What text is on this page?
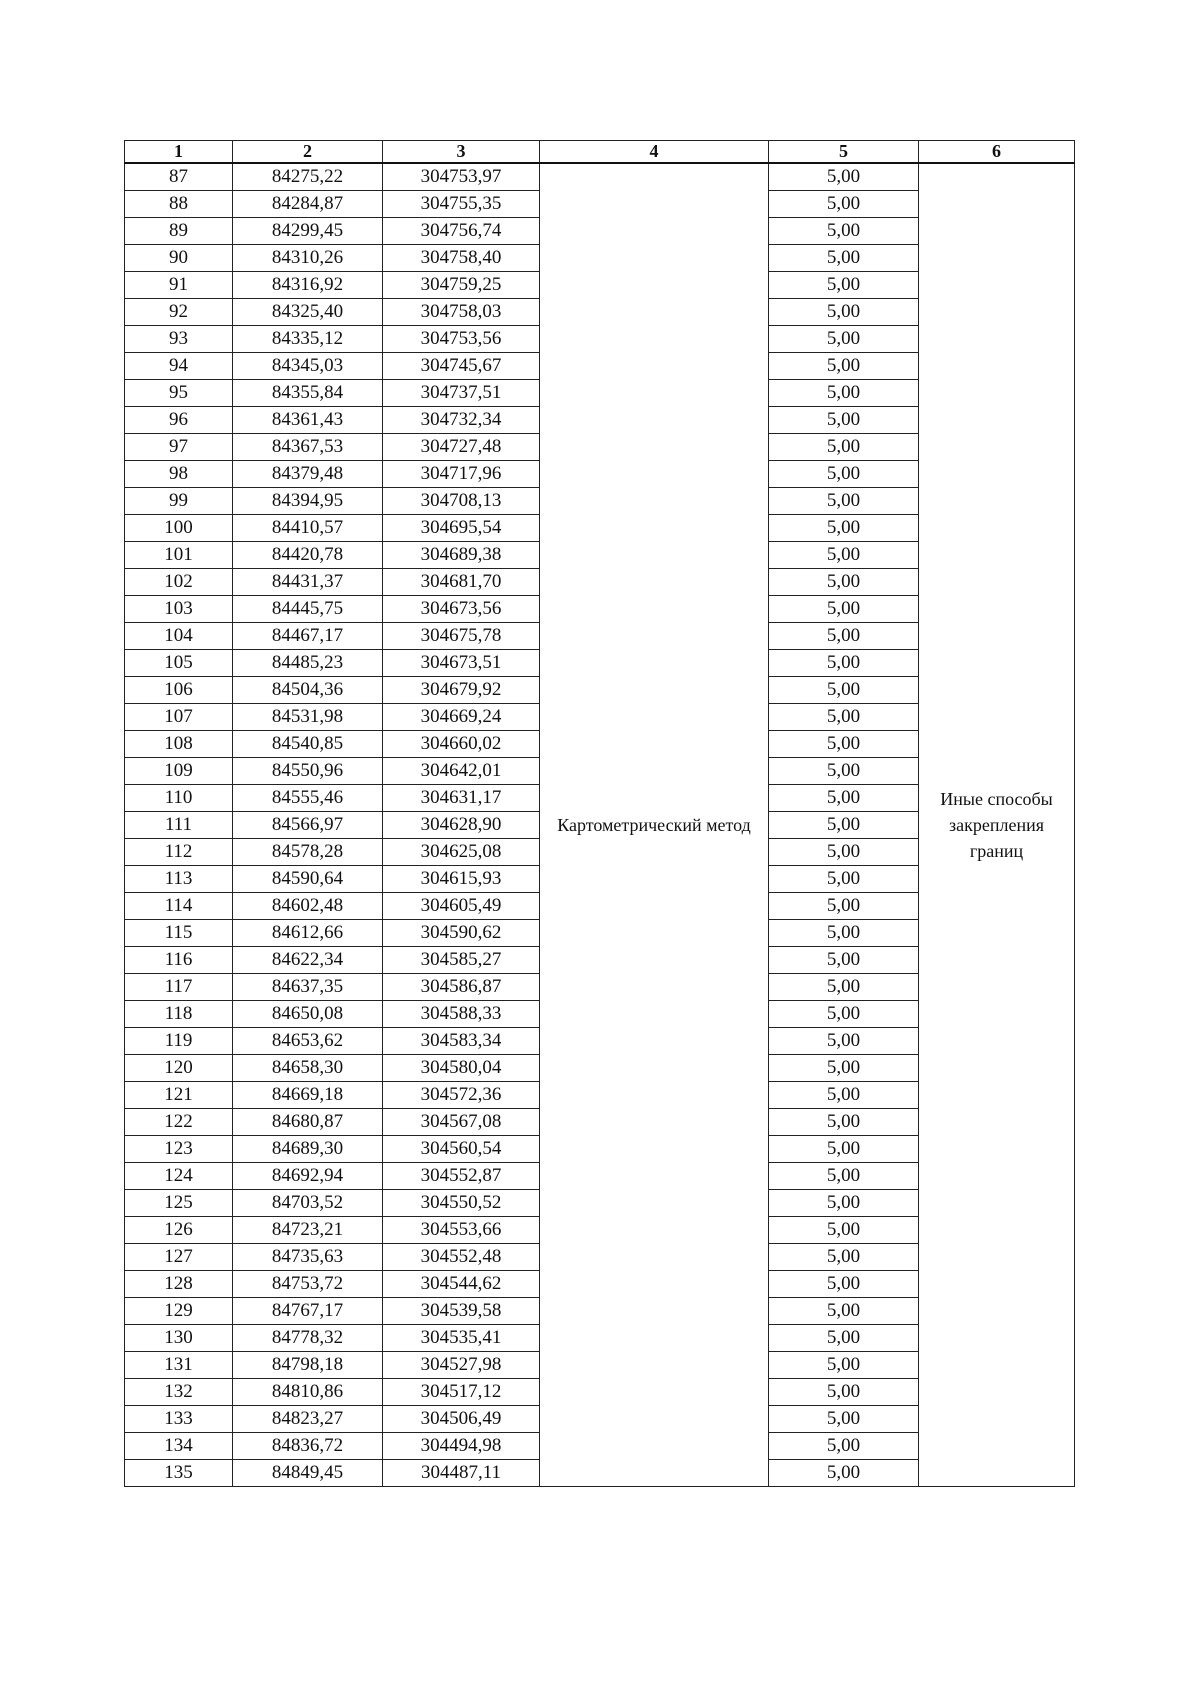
1	2	3	4	5	6
87	84275,22	304753,97	Картометрический метод	5,00	Иные способы закрепления границ
88	84284,87	304755,35		5,00	
89	84299,45	304756,74		5,00	
90	84310,26	304758,40		5,00	
91	84316,92	304759,25		5,00	
92	84325,40	304758,03		5,00	
93	84335,12	304753,56		5,00	
94	84345,03	304745,67		5,00	
95	84355,84	304737,51		5,00	
96	84361,43	304732,34		5,00	
97	84367,53	304727,48		5,00	
98	84379,48	304717,96		5,00	
99	84394,95	304708,13		5,00	
100	84410,57	304695,54		5,00	
101	84420,78	304689,38		5,00	
102	84431,37	304681,70		5,00	
103	84445,75	304673,56		5,00	
104	84467,17	304675,78		5,00	
105	84485,23	304673,51		5,00	
106	84504,36	304679,92		5,00	
107	84531,98	304669,24		5,00	
108	84540,85	304660,02		5,00	
109	84550,96	304642,01		5,00	
110	84555,46	304631,17		5,00	
111	84566,97	304628,90		5,00	
112	84578,28	304625,08		5,00	
113	84590,64	304615,93		5,00	
114	84602,48	304605,49		5,00	
115	84612,66	304590,62		5,00	
116	84622,34	304585,27		5,00	
117	84637,35	304586,87		5,00	
118	84650,08	304588,33		5,00	
119	84653,62	304583,34		5,00	
120	84658,30	304580,04		5,00	
121	84669,18	304572,36		5,00	
122	84680,87	304567,08		5,00	
123	84689,30	304560,54		5,00	
124	84692,94	304552,87		5,00	
125	84703,52	304550,52		5,00	
126	84723,21	304553,66		5,00	
127	84735,63	304552,48		5,00	
128	84753,72	304544,62		5,00	
129	84767,17	304539,58		5,00	
130	84778,32	304535,41		5,00	
131	84798,18	304527,98		5,00	
132	84810,86	304517,12		5,00	
133	84823,27	304506,49		5,00	
134	84836,72	304494,98		5,00	
135	84849,45	304487,11		5,00	
